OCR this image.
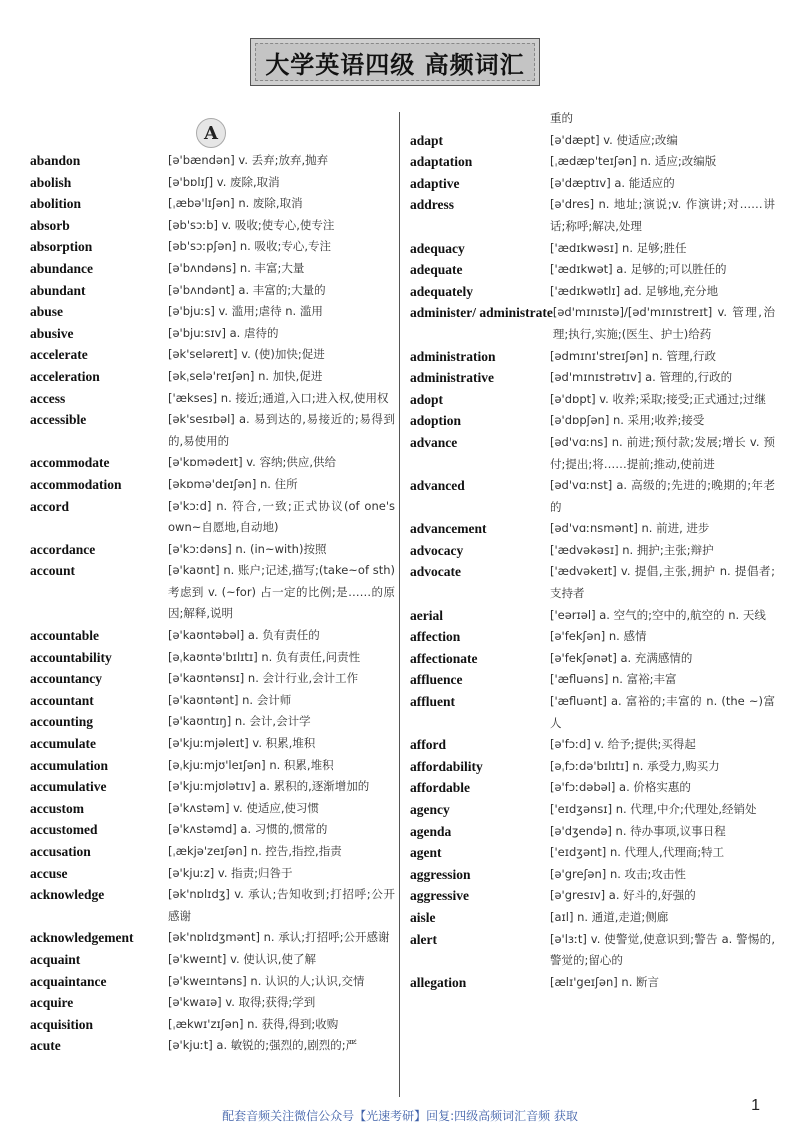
大学英语四级 高频词汇
A
abandon	[ə'bændən] v. 丢弃;放弃,抛弃
abolish	[ə'bɒlɪʃ] v. 废除,取消
abolition	[ˌæbə'lɪʃən] n. 废除,取消
absorb	[əb'sɔːb] v. 吸收;使专心,使专注
absorption	[əb'sɔːpʃən] n. 吸收;专心,专注
abundance	[ə'bʌndəns] n. 丰富;大量
abundant	[ə'bʌndənt] a. 丰富的;大量的
abuse	[ə'bjuːs] v. 滥用;虐待 n. 滥用
abusive	[ə'bjuːsɪv] a. 虐待的
accelerate	[ək'seləreɪt] v. (使)加快;促进
acceleration	[əkˌselə'reɪʃən] n. 加快,促进
access	['ækses] n. 接近;通道,入口;进入权,使用权
accessible	[ək'sesɪbəl] a. 易到达的,易接近的;易得到的,易使用的
accommodate	[ə'kɒmədeɪt] v. 容纳;供应,供给
accommodation	[əkɒmə'deɪʃən] n. 住所
accord	[ə'kɔːd] n. 符合,一致;正式协议(of one's own~自愿地,自动地)
accordance	[ə'kɔːdəns] n. (in~with)按照
account	[ə'kaʊnt] n. 账户;记述,描写;(take~of sth)考虑到 v. (~for) 占一定的比例;是……的原因;解释,说明
accountable	[ə'kaʊntəbəl] a. 负有责任的
accountability	[əˌkaʊntə'bɪlɪtɪ] n. 负有责任,问责性
accountancy	[ə'kaʊntənsɪ] n. 会计行业,会计工作
accountant	[ə'kaʊntənt] n. 会计师
accounting	[ə'kaʊntɪŋ] n. 会计,会计学
accumulate	[ə'kjuːmjəleɪt] v. 积累,堆积
accumulation	[əˌkjuːmjʊ'leɪʃən] n. 积累,堆积
accumulative	[ə'kjuːmjʊlətɪv] a. 累积的,逐渐增加的
accustom	[ə'kʌstəm] v. 使适应,使习惯
accustomed	[ə'kʌstəmd] a. 习惯的,惯常的
accusation	[ˌækjə'zeɪʃən] n. 控告,指控,指责
accuse	[ə'kjuːz] v. 指责;归咎于
acknowledge	[ək'nɒlɪdʒ] v. 承认;告知收到;打招呼;公开感谢
acknowledgement	[ək'nɒlɪdʒmənt] n. 承认;打招呼;公开感谢
acquaint	[ə'kweɪnt] v. 使认识,使了解
acquaintance	[ə'kweɪntəns] n. 认识的人;认识,交情
acquire	[ə'kwaɪə] v. 取得;获得;学到
acquisition	[ˌækwɪ'zɪʃən] n. 获得,得到;收购
acute	[ə'kjuːt] a. 敏锐的;强烈的,剧烈的;严
重的
adapt	[ə'dæpt] v. 使适应;改编
adaptation	[ˌædæp'teɪʃən] n. 适应;改编版
adaptive	[ə'dæptɪv] a. 能适应的
address	[ə'dres] n. 地址;演说;v. 作演讲;对……讲话;称呼;解决,处理
adequacy	['ædɪkwəsɪ] n. 足够;胜任
adequate	['ædɪkwət] a. 足够的;可以胜任的
adequately	['ædɪkwətlɪ] ad. 足够地,充分地
administer/ administrate [əd'mɪnɪstə]/[əd'mɪnɪstreɪt] v. 管理,治理;执行,实施;(医生、护士)给药
administration	[ədmɪnɪ'streɪʃən] n. 管理,行政
administrative	[əd'mɪnɪstrətɪv] a. 管理的,行政的
adopt	[ə'dɒpt] v. 收养;采取;接受;正式通过;过继
adoption	[ə'dɒpʃən] n. 采用;收养;接受
advance	[əd'vɑːns] n. 前进;预付款;发展;增长 v. 预付;提出;将……提前;推动,使前进
advanced	[əd'vɑːnst] a. 高级的;先进的;晚期的;年老的
advancement	[əd'vɑːnsmənt] n. 前进, 进步
advocacy	['ædvəkəsɪ] n. 拥护;主张;辩护
advocate	['ædvəkeɪt] v. 提倡,主张,拥护 n. 提倡者;支持者
aerial	['eərɪəl] a. 空气的;空中的,航空的 n. 天线
affection	[ə'fekʃən] n. 感情
affectionate	[ə'fekʃənət] a. 充满感情的
affluence	['æfluəns] n. 富裕;丰富
affluent	['æfluənt] a. 富裕的;丰富的 n. (the ~)富人
afford	[ə'fɔːd] v. 给予;提供;买得起
affordability	[əˌfɔːdə'bɪlɪtɪ] n. 承受力,购买力
affordable	[ə'fɔːdəbəl] a. 价格实惠的
agency	['eɪdʒənsɪ] n. 代理,中介;代理处,经销处
agenda	[ə'dʒendə] n. 待办事项,议事日程
agent	['eɪdʒənt] n. 代理人,代理商;特工
aggression	[ə'greʃən] n. 攻击;攻击性
aggressive	[ə'gresɪv] a. 好斗的,好强的
aisle	[aɪl] n. 通道,走道;侧廊
alert	[ə'lɜːt] v. 使警觉,使意识到;警告 a. 警惕的,警觉的;留心的
allegation	[ælɪ'geɪʃən] n. 断言
配套音频关注微信公众号【光速考研】回复:四级高频词汇音频 获取
1
